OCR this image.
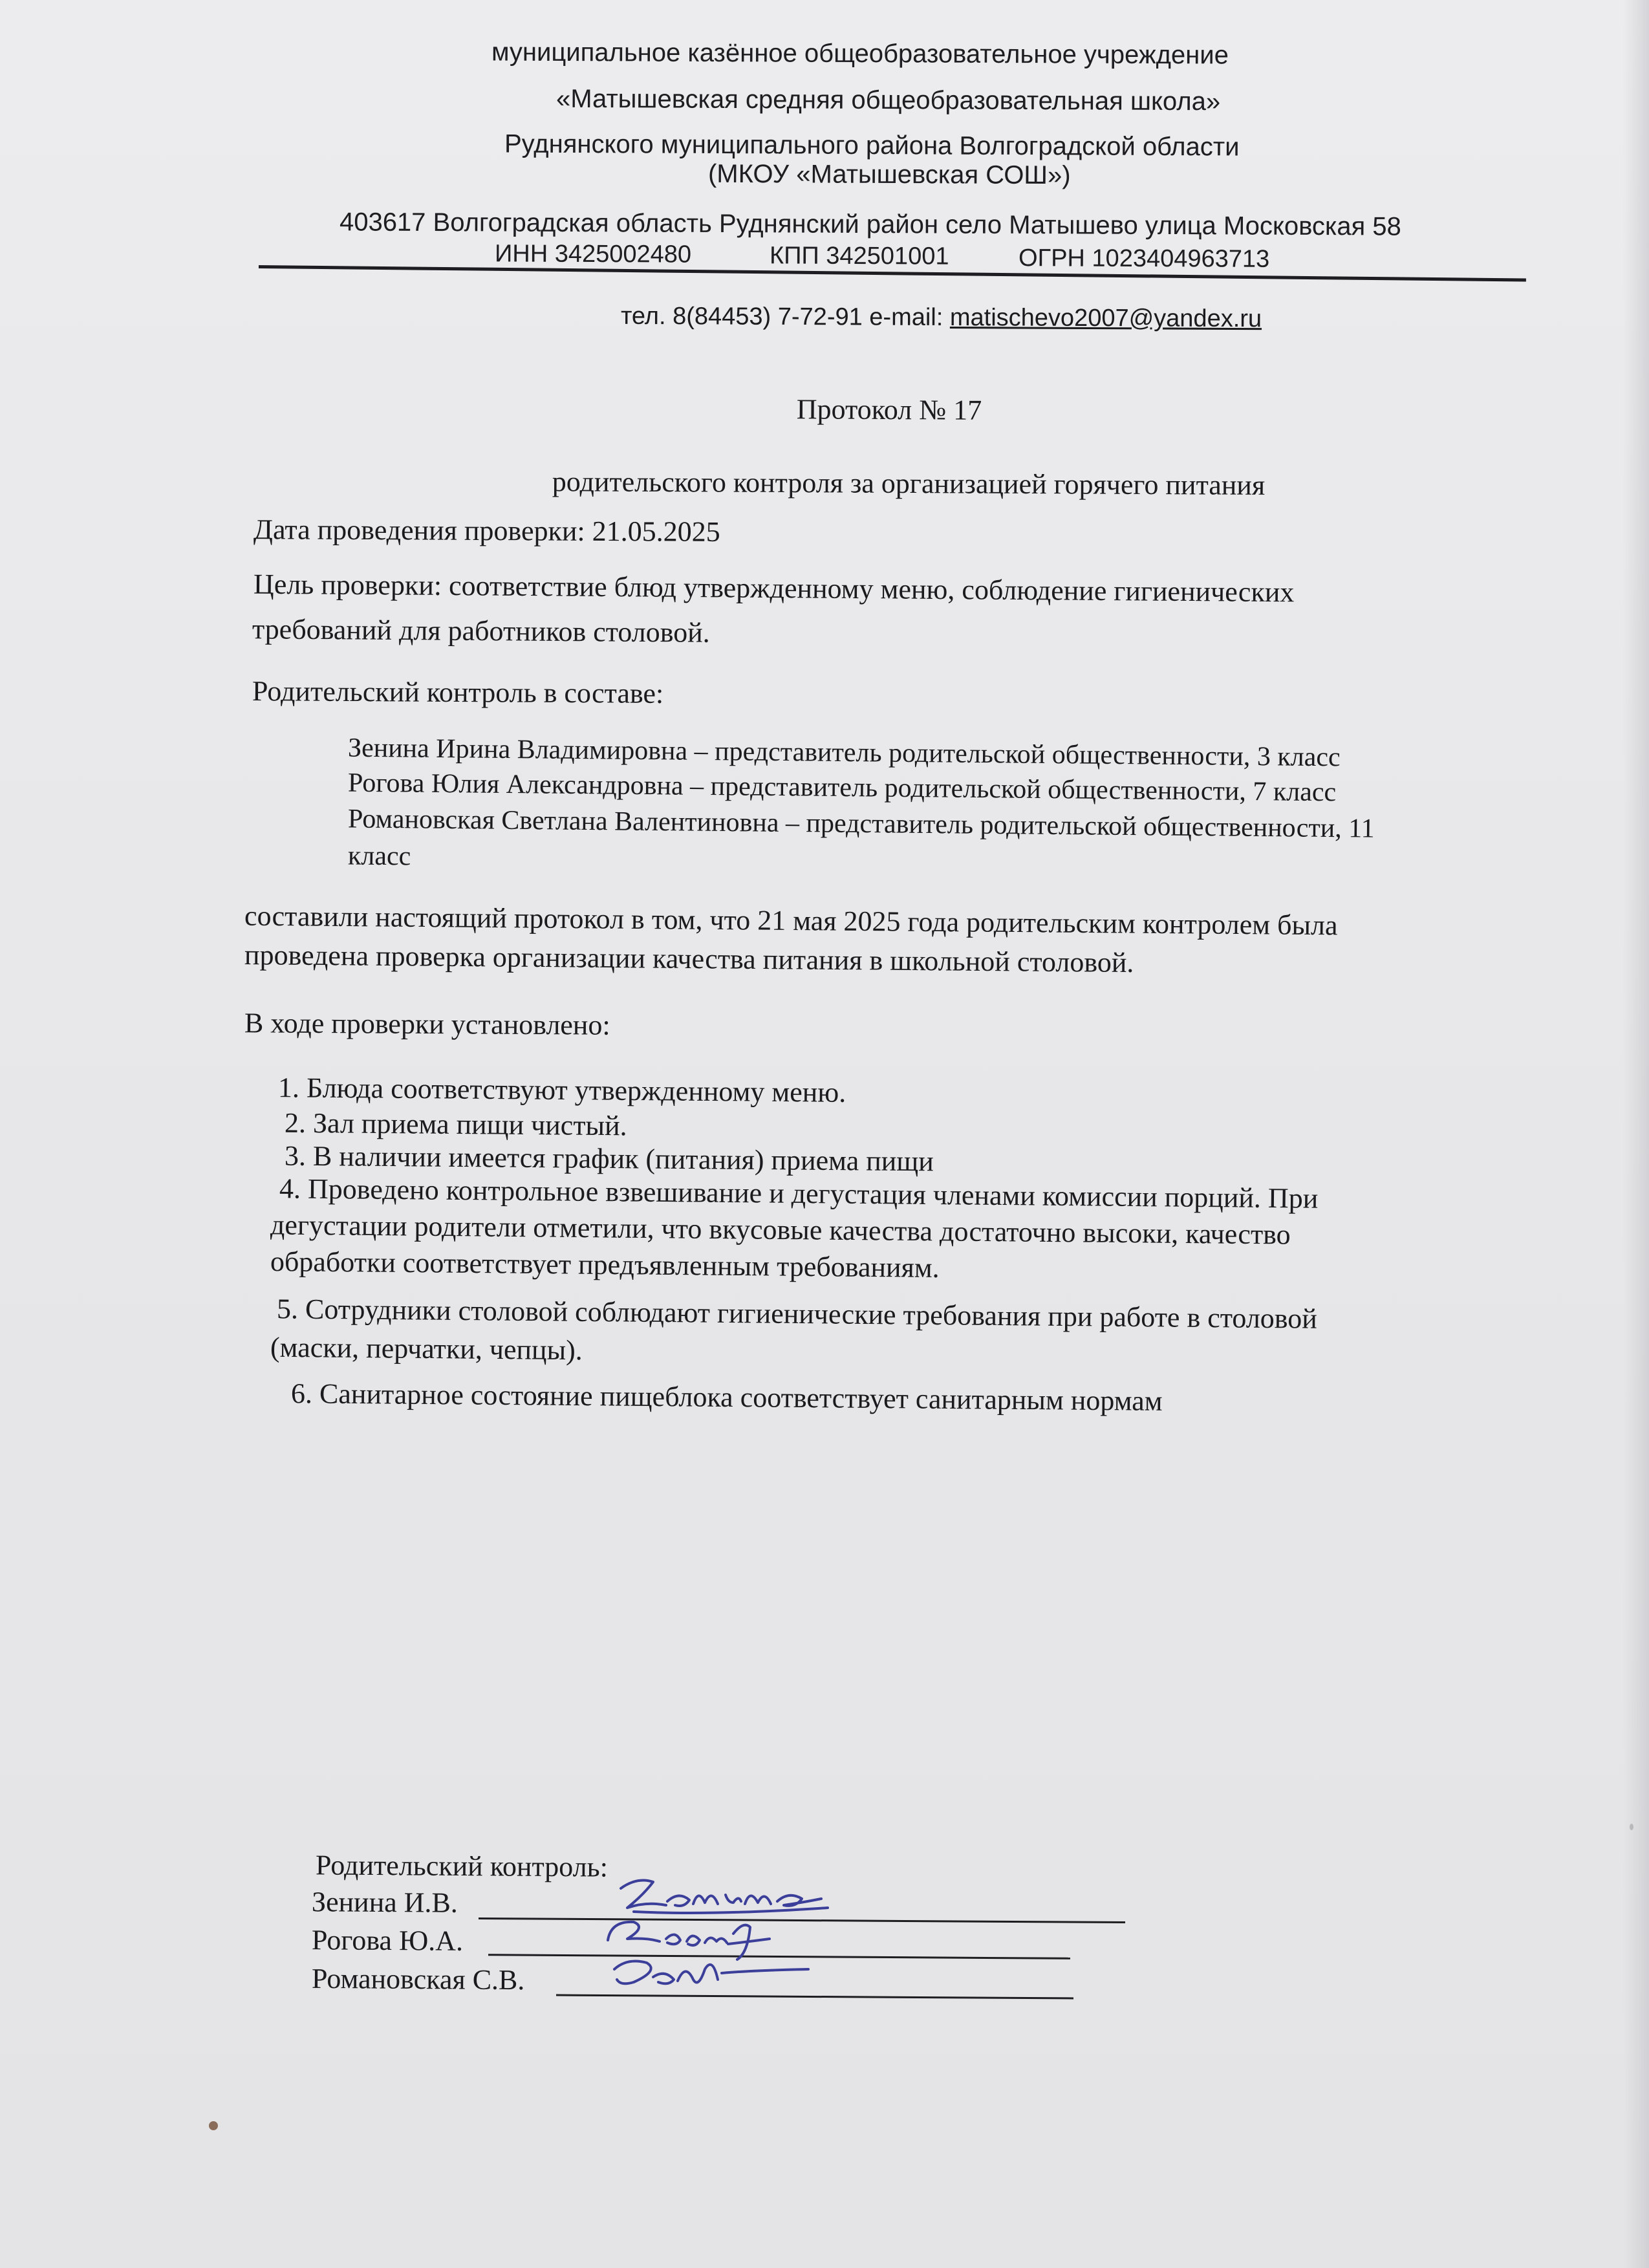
муниципальное казённое общеобразовательное учреждение
«Матышевская средняя общеобразовательная школа»
Руднянского муниципального района Волгоградской области
(МКОУ «Матышевская СОШ»)
403617 Волгоградская область Руднянский район село Матышево улица Московская 58
ИНН 3425002480	КПП 342501001	ОГРН 1023404963713
тел. 8(84453) 7-72-91 e-mail: matischevo2007@yandex.ru
Протокол № 17
родительского контроля за организацией горячего питания
Дата проведения проверки: 21.05.2025
Цель проверки: соответствие блюд утвержденному меню, соблюдение гигиенических
требований для работников столовой.
Родительский контроль в составе:
Зенина Ирина Владимировна – представитель родительской общественности, 3 класс
Рогова Юлия Александровна – представитель родительской общественности, 7 класс
Романовская Светлана Валентиновна – представитель родительской общественности, 11
класс
составили настоящий протокол в том, что 21 мая 2025 года родительским контролем была
проведена проверка организации качества питания в школьной столовой.
В ходе проверки установлено:
1. Блюда соответствуют утвержденному меню.
2. Зал приема пищи чистый.
3. В наличии имеется график (питания) приема пищи
4. Проведено контрольное взвешивание и дегустация членами комиссии порций. При
дегустации родители отметили, что вкусовые качества достаточно высоки, качество
обработки соответствует предъявленным требованиям.
5. Сотрудники столовой соблюдают гигиенические требования при работе в столовой
(маски, перчатки, чепцы).
6. Санитарное состояние пищеблока соответствует санитарным нормам
Родительский контроль:
Зенина И.В.
Рогова Ю.А.
Романовская С.В.
